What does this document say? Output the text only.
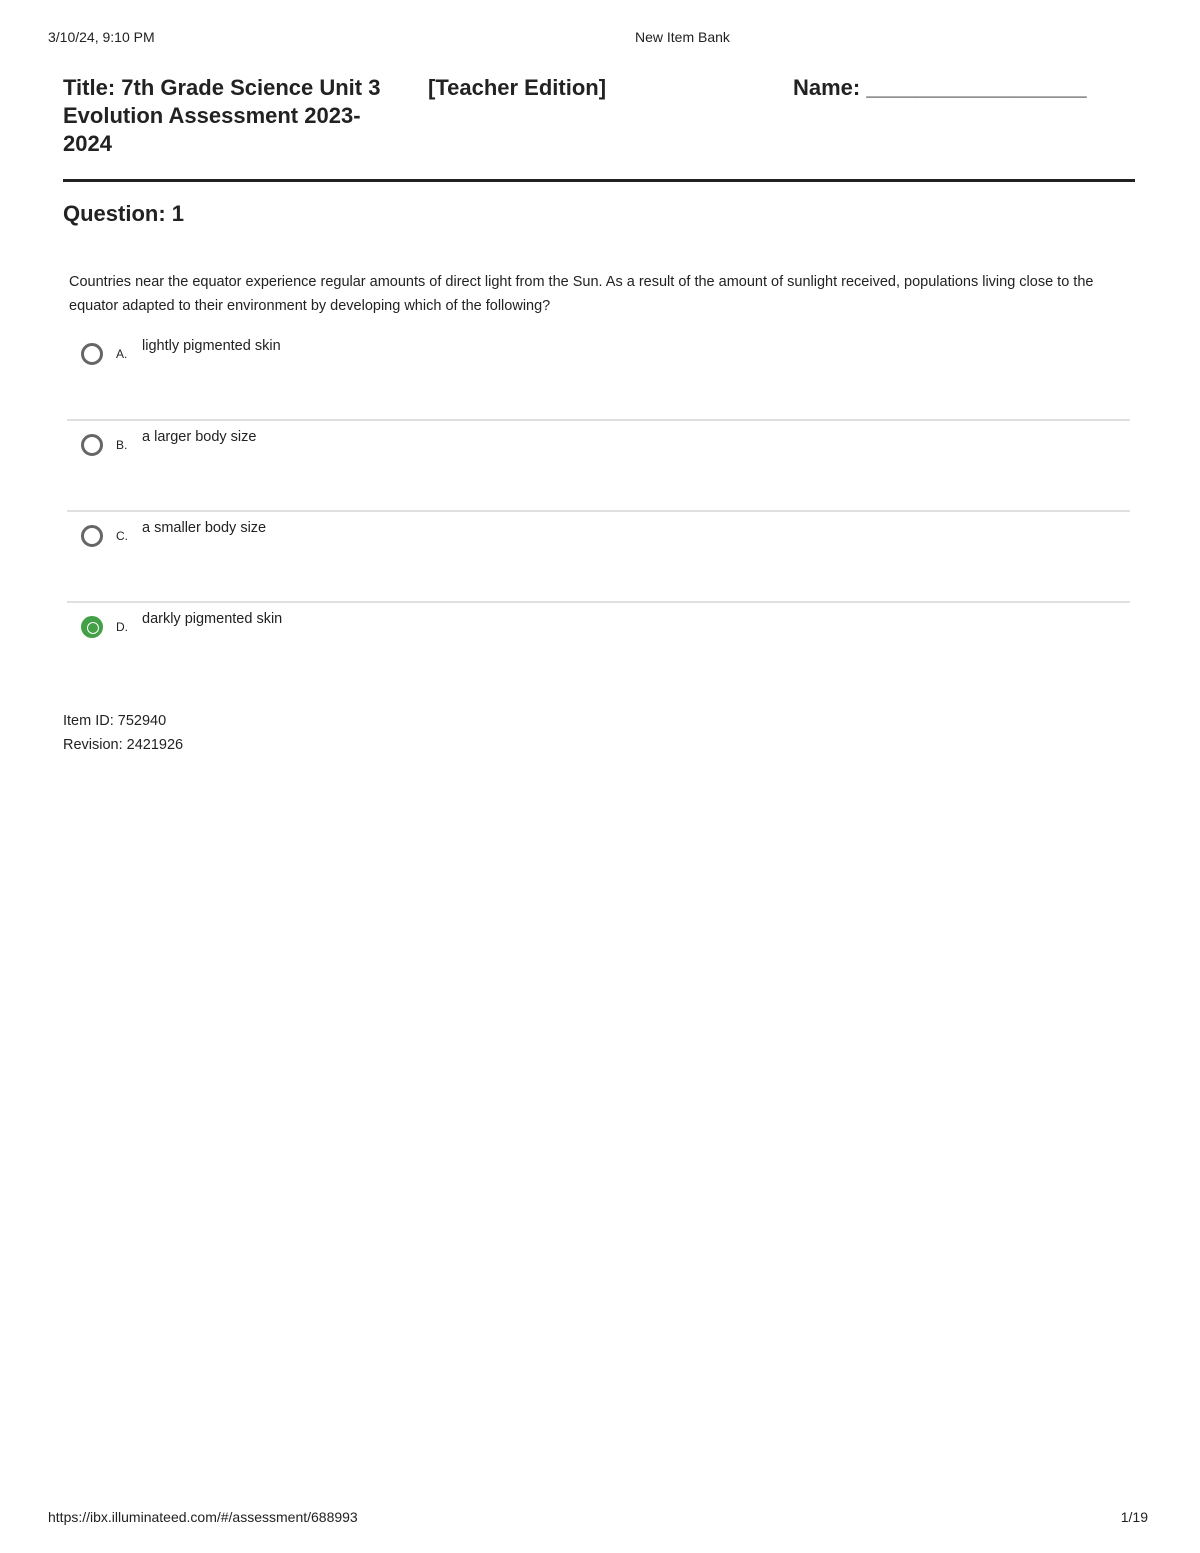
3/10/24, 9:10 PM	New Item Bank
Title: 7th Grade Science Unit 3 Evolution Assessment 2023-2024
[Teacher Edition]	Name: __________________
Question: 1
Countries near the equator experience regular amounts of direct light from the Sun. As a result of the amount of sunlight received, populations living close to the equator adapted to their environment by developing which of the following?
A. lightly pigmented skin
B. a larger body size
C. a smaller body size
D. darkly pigmented skin
Item ID: 752940
Revision: 2421926
https://ibx.illuminateed.com/#/assessment/688993	1/19
